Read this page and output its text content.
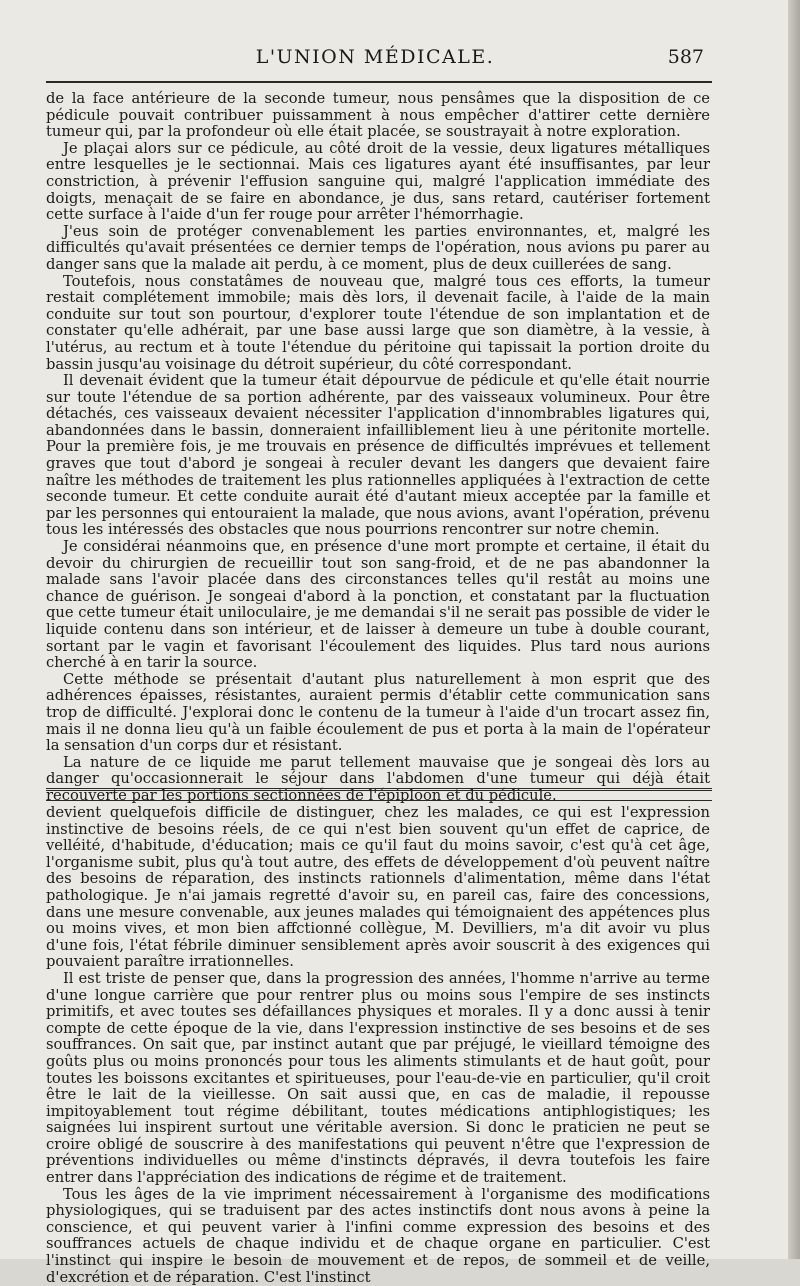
L'UNION MÉDICALE.	587

de la face antérieure de la seconde tumeur, nous pensâmes que la disposition de ce pédicule pouvait contribuer puissamment à nous empêcher d'attirer cette dernière tumeur qui, par la profondeur où elle était placée, se soustrayait à notre exploration.

Je plaçai alors sur ce pédicule, au côté droit de la vessie, deux ligatures métalliques entre lesquelles je le sectionnai. Mais ces ligatures ayant été insuffisantes, par leur constriction, à prévenir l'effusion sanguine qui, malgré l'application immédiate des doigts, menaçait de se faire en abondance, je dus, sans retard, cautériser fortement cette surface à l'aide d'un fer rouge pour arrêter l'hémorrhagie.

J'eus soin de protéger convenablement les parties environnantes, et, malgré les difficultés qu'avait présentées ce dernier temps de l'opération, nous avions pu parer au danger sans que la malade ait perdu, à ce moment, plus de deux cuillerées de sang.

Toutefois, nous constatâmes de nouveau que, malgré tous ces efforts, la tumeur restait complétement immobile; mais dès lors, il devenait facile, à l'aide de la main conduite sur tout son pourtour, d'explorer toute l'étendue de son implantation et de constater qu'elle adhérait, par une base aussi large que son diamètre, à la vessie, à l'utérus, au rectum et à toute l'étendue du péritoine qui tapissait la portion droite du bassin jusqu'au voisinage du détroit supérieur, du côté correspondant.

Il devenait évident que la tumeur était dépourvue de pédicule et qu'elle était nourrie sur toute l'étendue de sa portion adhérente, par des vaisseaux volumineux. Pour être détachés, ces vaisseaux devaient nécessiter l'application d'innombrables ligatures qui, abandonnées dans le bassin, donneraient infailliblement lieu à une péritonite mortelle. Pour la première fois, je me trouvais en présence de difficultés imprévues et tellement graves que tout d'abord je songeai à reculer devant les dangers que devaient faire naître les méthodes de traitement les plus rationnelles appliquées à l'extraction de cette seconde tumeur. Et cette conduite aurait été d'autant mieux acceptée par la famille et par les personnes qui entouraient la malade, que nous avions, avant l'opération, prévenu tous les intéressés des obstacles que nous pourrions rencontrer sur notre chemin.

Je considérai néanmoins que, en présence d'une mort prompte et certaine, il était du devoir du chirurgien de recueillir tout son sang-froid, et de ne pas abandonner la malade sans l'avoir placée dans des circonstances telles qu'il restât au moins une chance de guérison. Je songeai d'abord à la ponction, et constatant par la fluctuation que cette tumeur était uniloculaire, je me demandai s'il ne serait pas possible de vider le liquide contenu dans son intérieur, et de laisser à demeure un tube à double courant, sortant par le vagin et favorisant l'écoulement des liquides. Plus tard nous aurions cherché à en tarir la source.

Cette méthode se présentait d'autant plus naturellement à mon esprit que des adhérences épaisses, résistantes, auraient permis d'établir cette communication sans trop de difficulté. J'explorai donc le contenu de la tumeur à l'aide d'un trocart assez fin, mais il ne donna lieu qu'à un faible écoulement de pus et porta à la main de l'opérateur la sensation d'un corps dur et résistant.

La nature de ce liquide me parut tellement mauvaise que je songeai dès lors au danger qu'occasionnerait le séjour dans l'abdomen d'une tumeur qui déjà était recouverte par les portions sectionnées de l'épiploon et du pédicule.

devient quelquefois difficile de distinguer, chez les malades, ce qui est l'expression instinctive de besoins réels, de ce qui n'est bien souvent qu'un effet de caprice, de velléité, d'habitude, d'éducation; mais ce qu'il faut du moins savoir, c'est qu'à cet âge, l'organisme subit, plus qu'à tout autre, des effets de développement d'où peuvent naître des besoins de réparation, des instincts rationnels d'alimentation, même dans l'état pathologique. Je n'ai jamais regretté d'avoir su, en pareil cas, faire des concessions, dans une mesure convenable, aux jeunes malades qui témoignaient des appétences plus ou moins vives, et mon bien affctionné collègue, M. Devilliers, m'a dit avoir vu plus d'une fois, l'état fébrile diminuer sensiblement après avoir souscrit à des exigences qui pouvaient paraître irrationnelles.

Il est triste de penser que, dans la progression des années, l'homme n'arrive au terme d'une longue carrière que pour rentrer plus ou moins sous l'empire de ses instincts primitifs, et avec toutes ses défaillances physiques et morales. Il y a donc aussi à tenir compte de cette époque de la vie, dans l'expression instinctive de ses besoins et de ses souffrances. On sait que, par instinct autant que par préjugé, le vieillard témoigne des goûts plus ou moins prononcés pour tous les aliments stimulants et de haut goût, pour toutes les boissons excitantes et spiritueuses, pour l'eau-de-vie en particulier, qu'il croit être le lait de la vieillesse. On sait aussi que, en cas de maladie, il repousse impitoyablement tout régime débilitant, toutes médications antiphlogistiques; les saignées lui inspirent surtout une véritable aversion. Si donc le praticien ne peut se croire obligé de souscrire à des manifestations qui peuvent n'être que l'expression de préventions individuelles ou même d'instincts dépravés, il devra toutefois les faire entrer dans l'appréciation des indications de régime et de traitement.

Tous les âges de la vie impriment nécessairement à l'organisme des modifications physiologiques, qui se traduisent par des actes instinctifs dont nous avons à peine la conscience, et qui peuvent varier à l'infini comme expression des besoins et des souffrances actuels de chaque individu et de chaque organe en particulier. C'est l'instinct qui inspire le besoin de mouvement et de repos, de sommeil et de veille, d'excrétion et de réparation. C'est l'instinct
